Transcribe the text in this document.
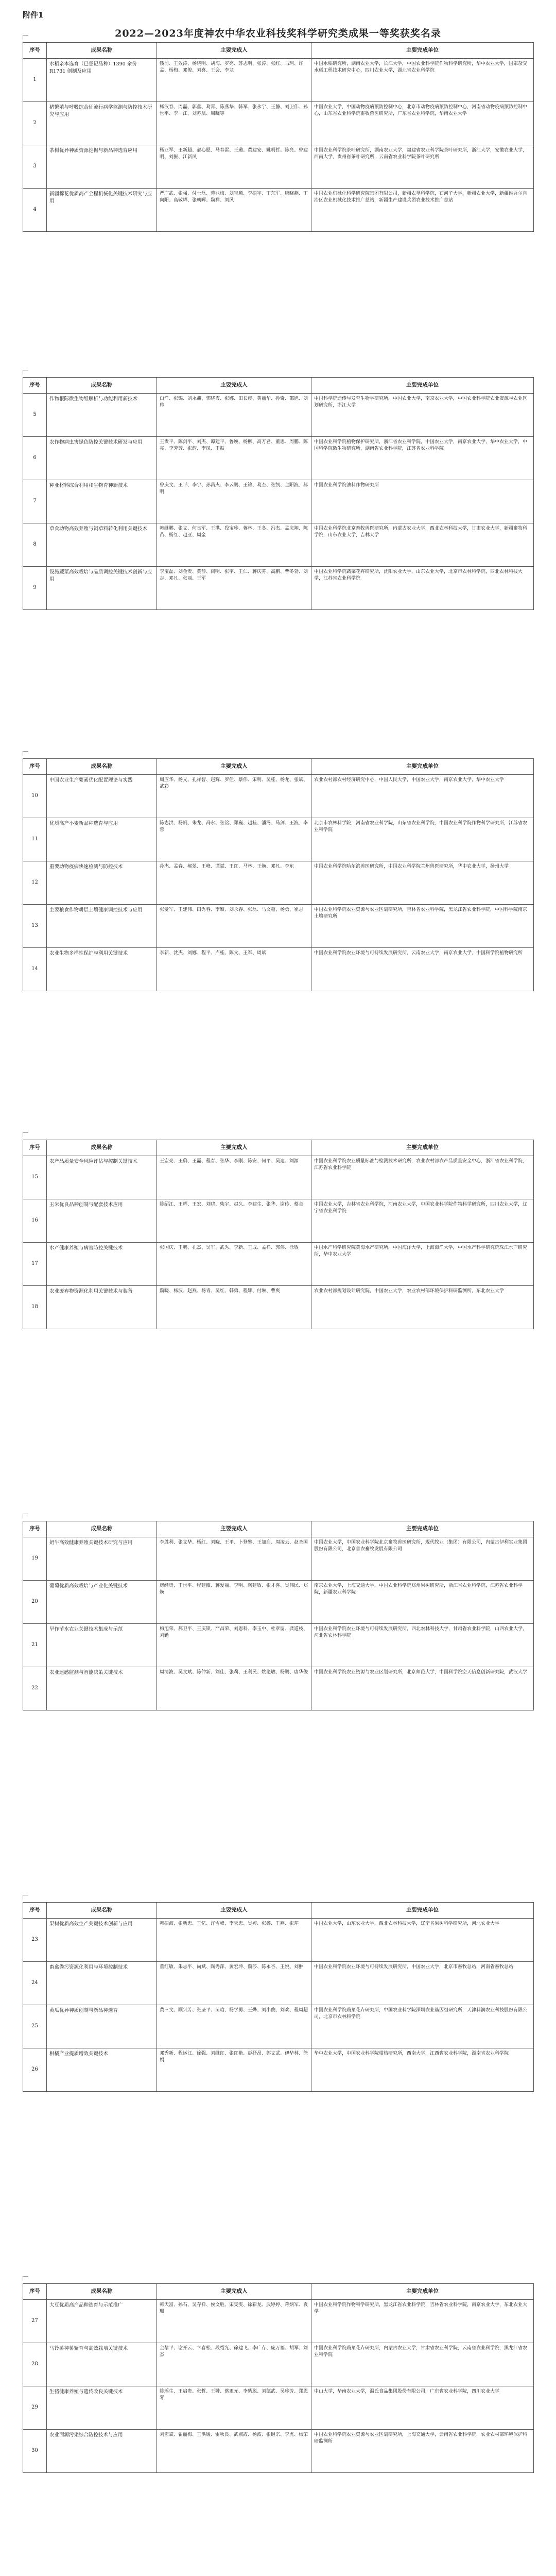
附件1
2022—2023年度神农中华农业科技奖科学研究类成果一等奖获奖名录
序号	成果名称	主要完成人	主要完成单位
1	水稻亲本选育（已登记品种）1390 余份 R1731 创制及应用	钱前、王效涛、杨晓明、胡海、罗亮、苏志明、张涛、张红、马珂、许孟、杨梅、邓俊、刘喜、王会、李龙	中国水稻研究所，湖南农业大学，长江大学，中国农业科学院作物科学研究所，华中农业大学，国家杂交水稻工程技术研究中心，四川农业大学，湖北省农业科学院
2	猪繁殖与呼吸综合征流行病学监测与防控技术研究与应用	杨汉春、周磊、郭鑫、葛霄、陈燕华、韩军、张永宁、王静、刘卫伟、孙世平、李一江、刘苏航、周晓等	中国农业大学，中国动物疫病预防控制中心，北京市动物疫病预防控制中心，河南省动物疫病预防控制中心，山东省农业科学院畜牧兽医研究所，广东省农业科学院，华南农业大学
3	茶树优异种质资源挖掘与新品种选育应用	杨亚军、王新超、郝心愿、马春雷、王璐、黄建安、姚明哲、陈亮、曾建明、刘振、江新凤	中国农业科学院茶叶研究所，湖南农业大学，福建省农业科学院茶叶研究所，浙江大学，安徽农业大学，西南大学，贵州省茶叶研究所，云南省农业科学院茶叶研究所
4	新疆棉花优质高产全程机械化关键技术研究与应用	严广武、张强、付士磊、蒋兆梅、刘宝顺、李振宇、丁东军、唐晓燕、丁向阳、高敬辉、张朝晖、魏祥、刘风	中国农业机械化科学研究院集团有限公司，新疆农垦科学院，石河子大学，新疆农业大学，新疆维吾尔自治区农业机械化技术推广总站，新疆生产建设兵团农业技术推广总站
序号	成果名称	主要完成人	主要完成单位
5	作物根际微生物组解析与功能利用新技术	白洋、张锦、刘永鑫、郭晓霞、张娜、田长彦、黄丽华、孙奇、邵旭、刘帅	中国科学院遗传与发育生物学研究所，中国农业大学，南京农业大学，中国农业科学院农业资源与农业区划研究所，浙江大学
6	农作物病虫害绿色防控关键技术研发与应用	王贵平、陈剑平、刘杰、谭建平、鲁焕、杨柳、高万君、董思、周鹏、陈亮、李芳芳、张韵、李凤、王振	中国农业科学院植物保护研究所，浙江省农业科学院，中国农业大学，南京农业大学，华中农业大学，中国科学院微生物研究所，湖南省农业科学院，江苏省农业科学院
7	种业材料综合利用和生物育种新技术	曾庆文、王平、李宇、孙昌杰、李云鹏、王锦、葛杰、张凯、金阳波、郝明	中国农业科学院油料作物研究所
8	草食动物高效养殖与饲草料转化利用关键技术	韩继鹏、张文、何良军、王洪、段宝珍、蒋林、王冬、冯杰、孟庆翔、陈苗、杨红、赵亚、周金	中国农业科学院北京畜牧兽医研究所，内蒙古农业大学，西北农林科技大学，甘肃农业大学，新疆畜牧科学院，山东农业大学，吉林大学
9	设施蔬菜高效栽培与品质调控关键技术创新与应用	李宝磊、刘金贵、黄静、阎明、张宇、王仁、蒋庆芬、高鹏、曹冬勃、刘志、邓凡、张丽、王军	中国农业科学院蔬菜花卉研究所，沈阳农业大学，山东农业大学，北京市农林科学院，西北农林科技大学，江苏省农业科学院
序号	成果名称	主要完成人	主要完成单位
10	中国农业生产要素优化配置理论与实践	周应华、杨义、孔祥智、赵辉、罗佳、蔡伟、宋明、吴桂、杨龙、张斌、武彩	农业农村部农村经济研究中心，中国人民大学，中国农业大学，南京农业大学，华中农业大学
11	优质高产小麦新品种选育与应用	陈志洪、杨帆、朱龙、冯永、张铭、郑巍、赵桂、潘汤、马剑、王波、李蓉	北京市农林科学院，河南省农业科学院，山东省农业科学院，中国农业科学院作物科学研究所，江苏省农业科学院
12	重要动物疫病快速检测与防控技术	孙杰、孟春、郝翠、王峰、谭斌、王红、马林、王焕、邓凡、李东	中国农业科学院哈尔滨兽医研究所，中国农业科学院兰州兽医研究所，华中农业大学，扬州大学
13	主要粮食作物耕层土壤健康调控技术与应用	张爱军、王建伟、田秀春、李颖、刘永春、张磊、马文超、杨勇、崔志	中国农业科学院农业资源与农业区划研究所，吉林省农业科学院，黑龙江省农业科学院，中国科学院南京土壤研究所
14	农业生物多样性保护与利用关键技术	李新、沈杰、刘娜、程平、卢桂、陈文、王军、周斌	中国农业科学院农业环境与可持续发展研究所，云南农业大学，南京农业大学，中国科学院植物研究所
序号	成果名称	主要完成人	主要完成单位
15	农产品质量安全风险评估与控制关键技术	王宏亮、王蔚、王磊、程春、张华、李刚、陈安、何平、吴迪、刘源	中国农业科学院农业质量标准与检测技术研究所，农业农村部农产品质量安全中心，浙江省农业科学院，江苏省农业科学院
16	玉米优良品种创制与配套技术应用	陈绍江、王辉、王宏、刘晓、柴宇、赵久、李建生、张华、谢传、蔡金	中国农业大学，吉林省农业科学院，河南农业大学，中国农业科学院作物科学研究所，四川农业大学，辽宁省农业科学院
17	水产健康养殖与病害防控关键技术	张国庆、王鹏、孔杰、吴军、武秀、李新、王成、孟祥、郭伟、徐敏	中国水产科学研究院黄海水产研究所，中国海洋大学，上海海洋大学，中国水产科学研究院珠江水产研究所，华中农业大学
18	农业废弃物资源化利用关键技术与装备	魏晓、杨波、赵燕、杨青、吴红、韩勇、程娜、付琳、曹爽	农业农村部规划设计研究院，中国农业大学，农业农村部环境保护科研监测所，东北农业大学
序号	成果名称	主要完成人	主要完成单位
19	奶牛高效健康养殖关键技术研究与应用	李胜利、张文华、杨红、刘晓、王平、卜登攀、王加启、周凌云、赵圣国	中国农业大学，中国农业科学院北京畜牧兽医研究所，现代牧业（集团）有限公司，内蒙古伊利实业集团股份有限公司，北京首农畜牧发展有限公司
20	葡萄优质高效栽培与产业化关键技术	房经贵、王世平、程建徽、蒋爱丽、李明、陶建敏、张才喜、吴伟民、郑焕	南京农业大学，上海交通大学，中国农业科学院郑州果树研究所，浙江省农业科学院，江苏省农业科学院，新疆农业科学院
21	旱作节水农业关键技术集成与示范	梅旭荣、郝卫平、王庆锁、严昌荣、刘恩科、李玉中、杜章留、龚道枝、刘勤	中国农业科学院农业环境与可持续发展研究所，西北农林科技大学，甘肃省农业科学院，山西农业大学，河北省农林科学院
22	农业遥感监测与智能决策关键技术	周清波、吴文斌、陈仲新、刘佳、张莉、王利民、姚艳敏、杨鹏、唐华俊	中国农业科学院农业资源与农业区划研究所，北京师范大学，中国科学院空天信息创新研究院，武汉大学
序号	成果名称	主要完成人	主要完成单位
23	果树优质高效生产关键技术创新与应用	韩振海、张新忠、王忆、许雪峰、李天忠、吴婷、张鑫、王燕、张芹	中国农业大学，山东农业大学，西北农林科技大学，辽宁省果树科学研究所，河北农业大学
24	畜禽粪污资源化利用与环境控制技术	董红敏、朱志平、尚斌、陶秀萍、黄宏坤、魏莎、陈永杏、王悦、刘翀	中国农业科学院农业环境与可持续发展研究所，中国农业大学，北京市畜牧总站，河南省畜牧总站
25	黄瓜优异种质创制与新品种选育	黄三文、顾兴芳、张圣平、苗晗、杨学勇、王烨、刘小俊、刘欢、程周超	中国农业科学院蔬菜花卉研究所，中国农业科学院深圳农业基因组研究所，天津科润农业科技股份有限公司，北京市农林科学院
26	柑橘产业提质增效关键技术	邓秀新、程运江、徐强、刘继红、张红艳、彭抒昂、郭文武、伊华林、徐娟	华中农业大学，中国农业科学院柑桔研究所，西南大学，江西省农业科学院，湖南省农业科学院
序号	成果名称	主要完成人	主要完成单位
27	大豆优质高产品种选育与示范推广	韩天富、孙石、吴存祥、侯文胜、宋雯雯、徐彩龙、武婷婷、蒋炳军、袁珊	中国农业科学院作物科学研究所，黑龙江省农业科学院，吉林省农业科学院，南京农业大学，东北农业大学
28	马铃薯种薯繁育与高效栽培关键技术	金黎平、谢开云、卞春松、段绍光、徐建飞、李广存、庞万福、胡军、刘杰	中国农业科学院蔬菜花卉研究所，内蒙古农业大学，甘肃省农业科学院，云南省农业科学院，黑龙江省农业科学院
29	生猪健康养殖与遗传改良关键技术	陈瑶生、王启贵、张哲、王翀、蔡更元、李紫聪、刘德武、吴珍芳、郑恩琴	中山大学，华南农业大学，温氏食品集团股份有限公司，广东省农业科学院，四川农业大学
30	农业面源污染综合防控技术与应用	刘宏斌、翟丽梅、王洪媛、雷秋良、武淑霞、杨波、张继宗、李虎、杨荣	中国农业科学院农业资源与农业区划研究所，上海交通大学，云南省农业科学院，农业农村部环境保护科研监测所
